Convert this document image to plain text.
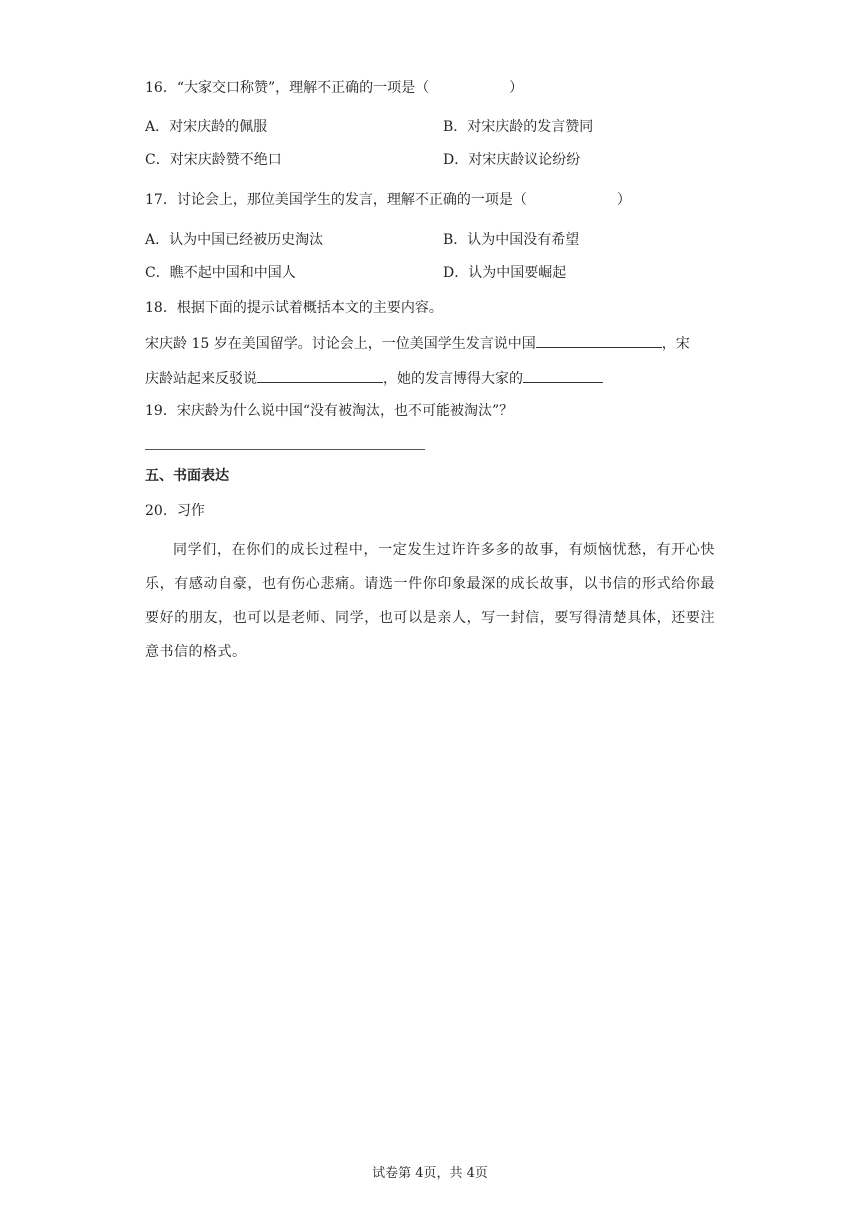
16．“大家交口称赞”，理解不正确的一项是（	）
A．对宋庆龄的佩服	B．对宋庆龄的发言赞同
C．对宋庆龄赞不绝口	D．对宋庆龄议论纷纷
17．讨论会上，那位美国学生的发言，理解不正确的一项是（	）
A．认为中国已经被历史淘汰	B．认为中国没有希望
C．瞧不起中国和中国人	D．认为中国要崛起
18．根据下面的提示试着概括本文的主要内容。
宋庆龄 15 岁在美国留学。讨论会上，一位美国学生发言说中国	，宋
庆龄站起来反驳说	，她的发言博得大家的
19．宋庆龄为什么说中国“没有被淘汰，也不可能被淘汰”？
五、书面表达
20．习作
同学们，在你们的成长过程中，一定发生过许许多多的故事，有烦恼忧愁，有开心快乐，有感动自豪，也有伤心悲痛。请选一件你印象最深的成长故事，以书信的形式给你最要好的朋友，也可以是老师、同学，也可以是亲人，写一封信，要写得清楚具体，还要注意书信的格式。
试卷第 4页，共 4页
